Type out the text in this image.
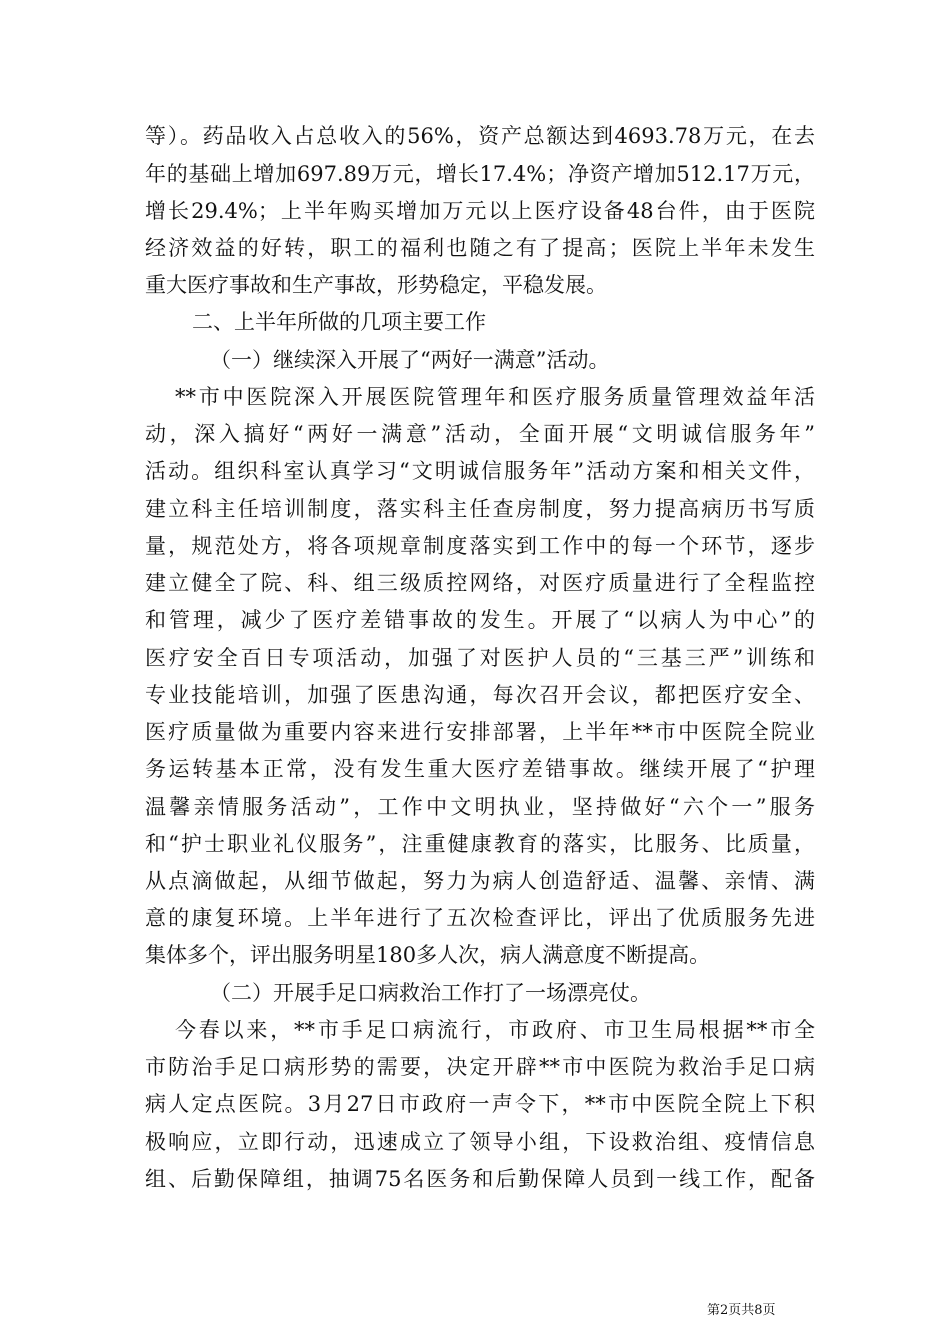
等）。药品收入占总收入的56%，资产总额达到4693.78万元，在去
年的基础上增加697.89万元，增长17.4%；净资产增加512.17万元，
增长29.4%；上半年购买增加万元以上医疗设备48台件，由于医院
经济效益的好转，职工的福利也随之有了提高；医院上半年未发生
重大医疗事故和生产事故，形势稳定，平稳发展。
二、上半年所做的几项主要工作
（一）继续深入开展了“两好一满意”活动。
**市中医院深入开展医院管理年和医疗服务质量管理效益年活
动，深入搞好“两好一满意”活动，全面开展“文明诚信服务年”
活动。组织科室认真学习“文明诚信服务年”活动方案和相关文件，
建立科主任培训制度，落实科主任查房制度，努力提高病历书写质
量，规范处方，将各项规章制度落实到工作中的每一个环节，逐步
建立健全了院、科、组三级质控网络，对医疗质量进行了全程监控
和管理，减少了医疗差错事故的发生。开展了“以病人为中心”的
医疗安全百日专项活动，加强了对医护人员的“三基三严”训练和
专业技能培训，加强了医患沟通，每次召开会议，都把医疗安全、
医疗质量做为重要内容来进行安排部署，上半年**市中医院全院业
务运转基本正常，没有发生重大医疗差错事故。继续开展了“护理
温馨亲情服务活动”，工作中文明执业，坚持做好“六个一”服务
和“护士职业礼仪服务”，注重健康教育的落实，比服务、比质量，
从点滴做起，从细节做起，努力为病人创造舒适、温馨、亲情、满
意的康复环境。上半年进行了五次检查评比，评出了优质服务先进
集体多个，评出服务明星180多人次，病人满意度不断提高。
（二）开展手足口病救治工作打了一场漂亮仗。
今春以来，**市手足口病流行，市政府、市卫生局根据**市全
市防治手足口病形势的需要，决定开辟**市中医院为救治手足口病
病人定点医院。3月27日市政府一声令下，**市中医院全院上下积
极响应，立即行动，迅速成立了领导小组，下设救治组、疫情信息
组、后勤保障组，抽调75名医务和后勤保障人员到一线工作，配备
第2页共8页
